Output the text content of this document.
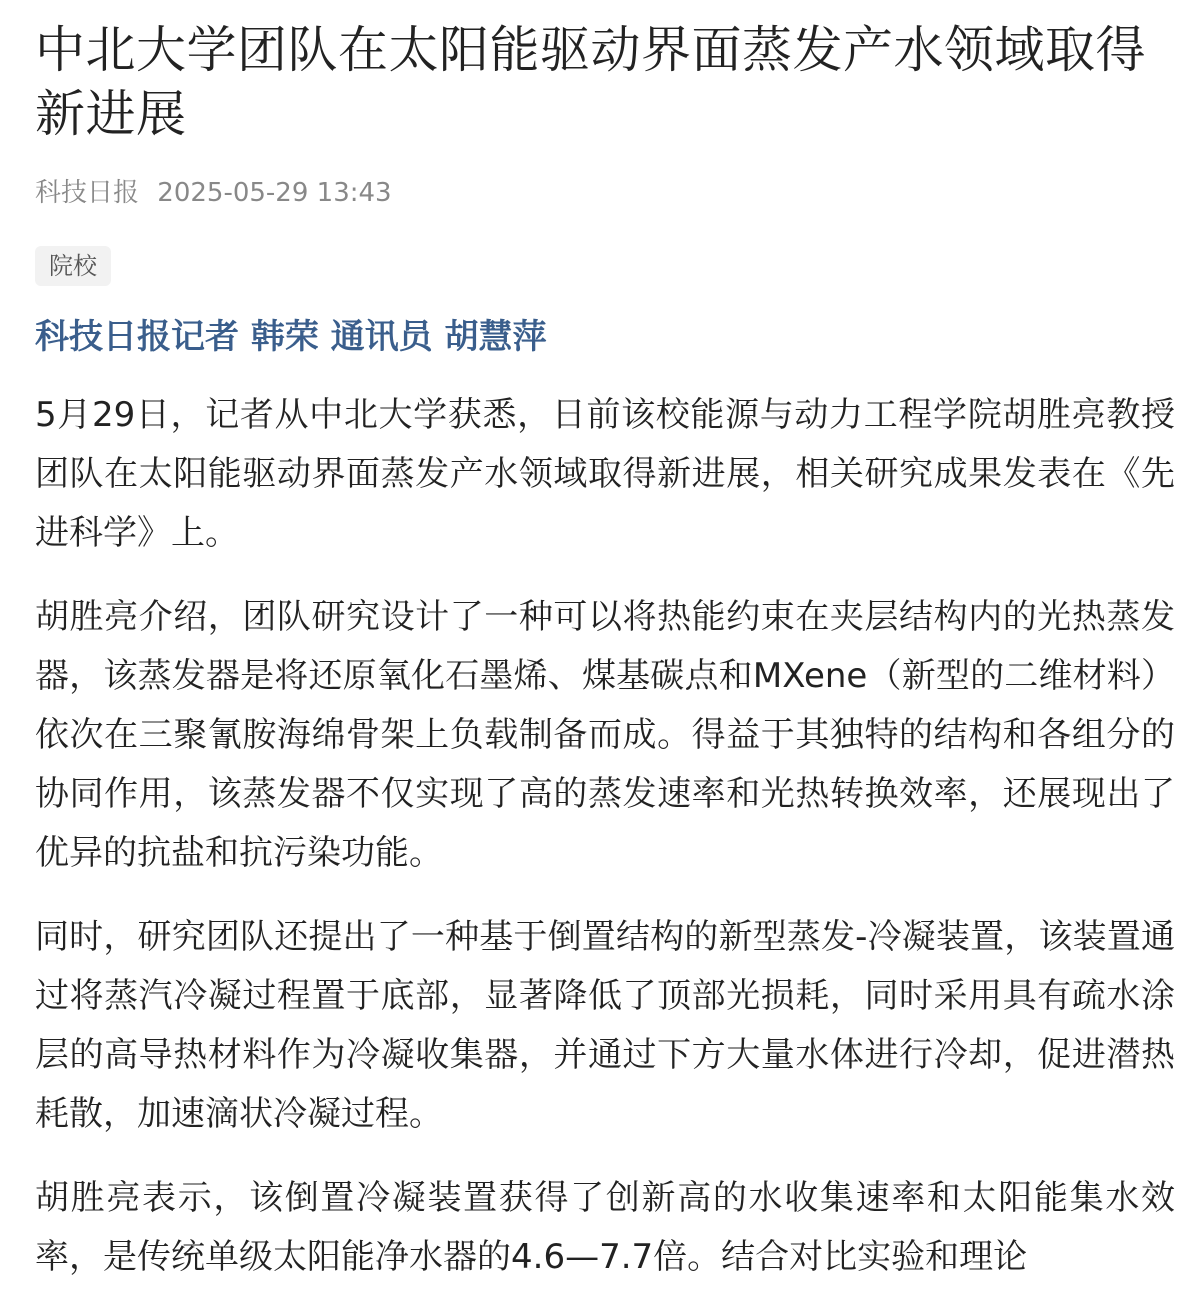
中北大学团队在太阳能驱动界面蒸发产水领域取得新进展
科技日报 2025-05-29 13:43
院校
科技日报记者 韩荣 通讯员 胡慧萍

5月29日，记者从中北大学获悉，日前该校能源与动力工程学院胡胜亮教授团队在太阳能驱动界面蒸发产水领域取得新进展，相关研究成果发表在《先进科学》上。

胡胜亮介绍，团队研究设计了一种可以将热能约束在夹层结构内的光热蒸发器，该蒸发器是将还原氧化石墨烯、煤基碳点和MXene（新型的二维材料）依次在三聚氰胺海绵骨架上负载制备而成。得益于其独特的结构和各组分的协同作用，该蒸发器不仅实现了高的蒸发速率和光热转换效率，还展现出了优异的抗盐和抗污染功能。

同时，研究团队还提出了一种基于倒置结构的新型蒸发-冷凝装置，该装置通过将蒸汽冷凝过程置于底部，显著降低了顶部光损耗，同时采用具有疏水涂层的高导热材料作为冷凝收集器，并通过下方大量水体进行冷却，促进潜热耗散，加速滴状冷凝过程。

胡胜亮表示，该倒置冷凝装置获得了创新高的水收集速率和太阳能集水效率，是传统单级太阳能净水器的4.6—7.7倍。结合对比实验和理论
